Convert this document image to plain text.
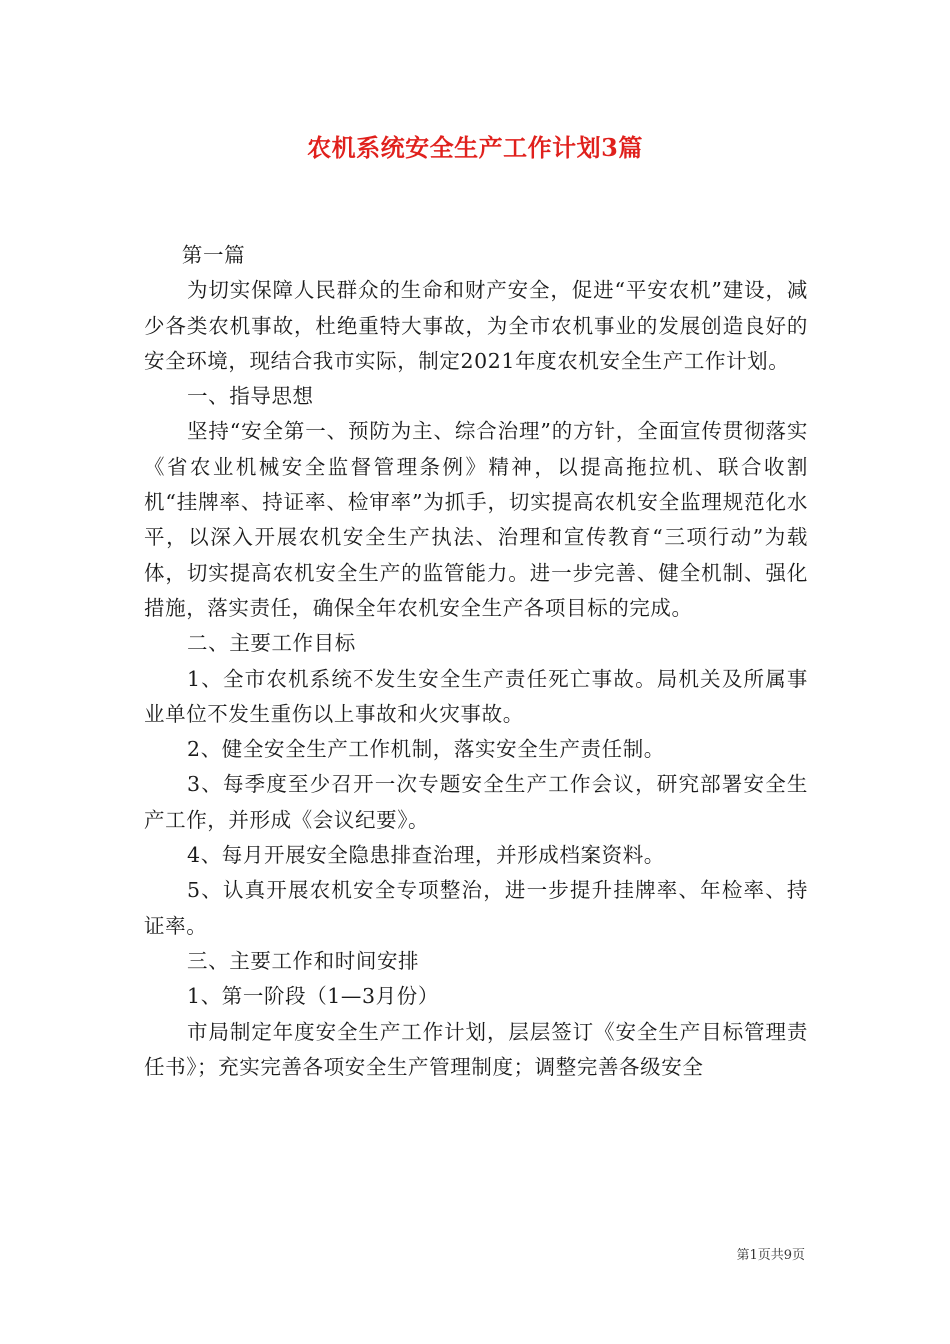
农机系统安全生产工作计划3篇

第一篇

为切实保障人民群众的生命和财产安全，促进“平安农机”建设，减少各类农机事故，杜绝重特大事故，为全市农机事业的发展创造良好的安全环境，现结合我市实际，制定2021年度农机安全生产工作计划。

一、指导思想

坚持“安全第一、预防为主、综合治理”的方针，全面宣传贯彻落实《省农业机械安全监督管理条例》精神，以提高拖拉机、联合收割机“挂牌率、持证率、检审率”为抓手，切实提高农机安全监理规范化水平，以深入开展农机安全生产执法、治理和宣传教育“三项行动”为载体，切实提高农机安全生产的监管能力。进一步完善、健全机制、强化措施，落实责任，确保全年农机安全生产各项目标的完成。

二、主要工作目标

1、全市农机系统不发生安全生产责任死亡事故。局机关及所属事业单位不发生重伤以上事故和火灾事故。

2、健全安全生产工作机制，落实安全生产责任制。

3、每季度至少召开一次专题安全生产工作会议，研究部署安全生产工作，并形成《会议纪要》。

4、每月开展安全隐患排查治理，并形成档案资料。

5、认真开展农机安全专项整治，进一步提升挂牌率、年检率、持证率。

三、主要工作和时间安排

1、第一阶段（1—3月份）

市局制定年度安全生产工作计划，层层签订《安全生产目标管理责任书》；充实完善各项安全生产管理制度；调整完善各级安全

第1页共9页
